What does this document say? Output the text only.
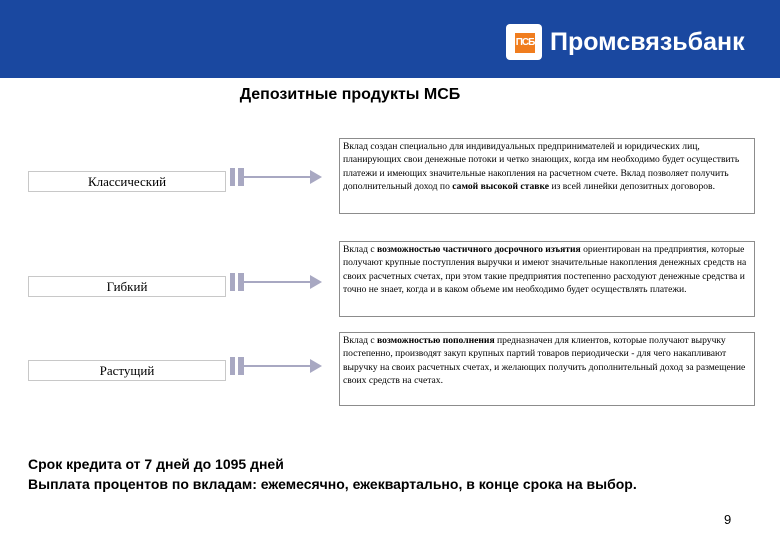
ПСБ Промсвязьбанк
Депозитные продукты МСБ
Классический
Вклад создан специально для индивидуальных предпринимателей и юридических лиц, планирующих свои денежные потоки и четко знающих, когда им необходимо будет осуществить платежи и имеющих значительные накопления на расчетном счете. Вклад позволяет получить дополнительный доход по самой высокой ставке из всей линейки депозитных договоров.
Гибкий
Вклад с возможностью частичного досрочного изъятия ориентирован на предприятия, которые получают крупные поступления выручки и имеют значительные накопления денежных средств на своих расчетных счетах, при этом такие предприятия постепенно расходуют денежные средства и точно не знает, когда и в каком объеме им необходимо будет осуществлять платежи.
Растущий
Вклад с возможностью пополнения предназначен для клиентов, которые получают выручку постепенно, производят закуп крупных партий товаров периодически - для чего накапливают выручку на своих расчетных счетах, и желающих получить дополнительный доход за размещение своих средств на счетах.
Срок кредита от 7 дней до 1095 дней
Выплата процентов по вкладам: ежемесячно, ежеквартально, в конце срока на выбор.
9
